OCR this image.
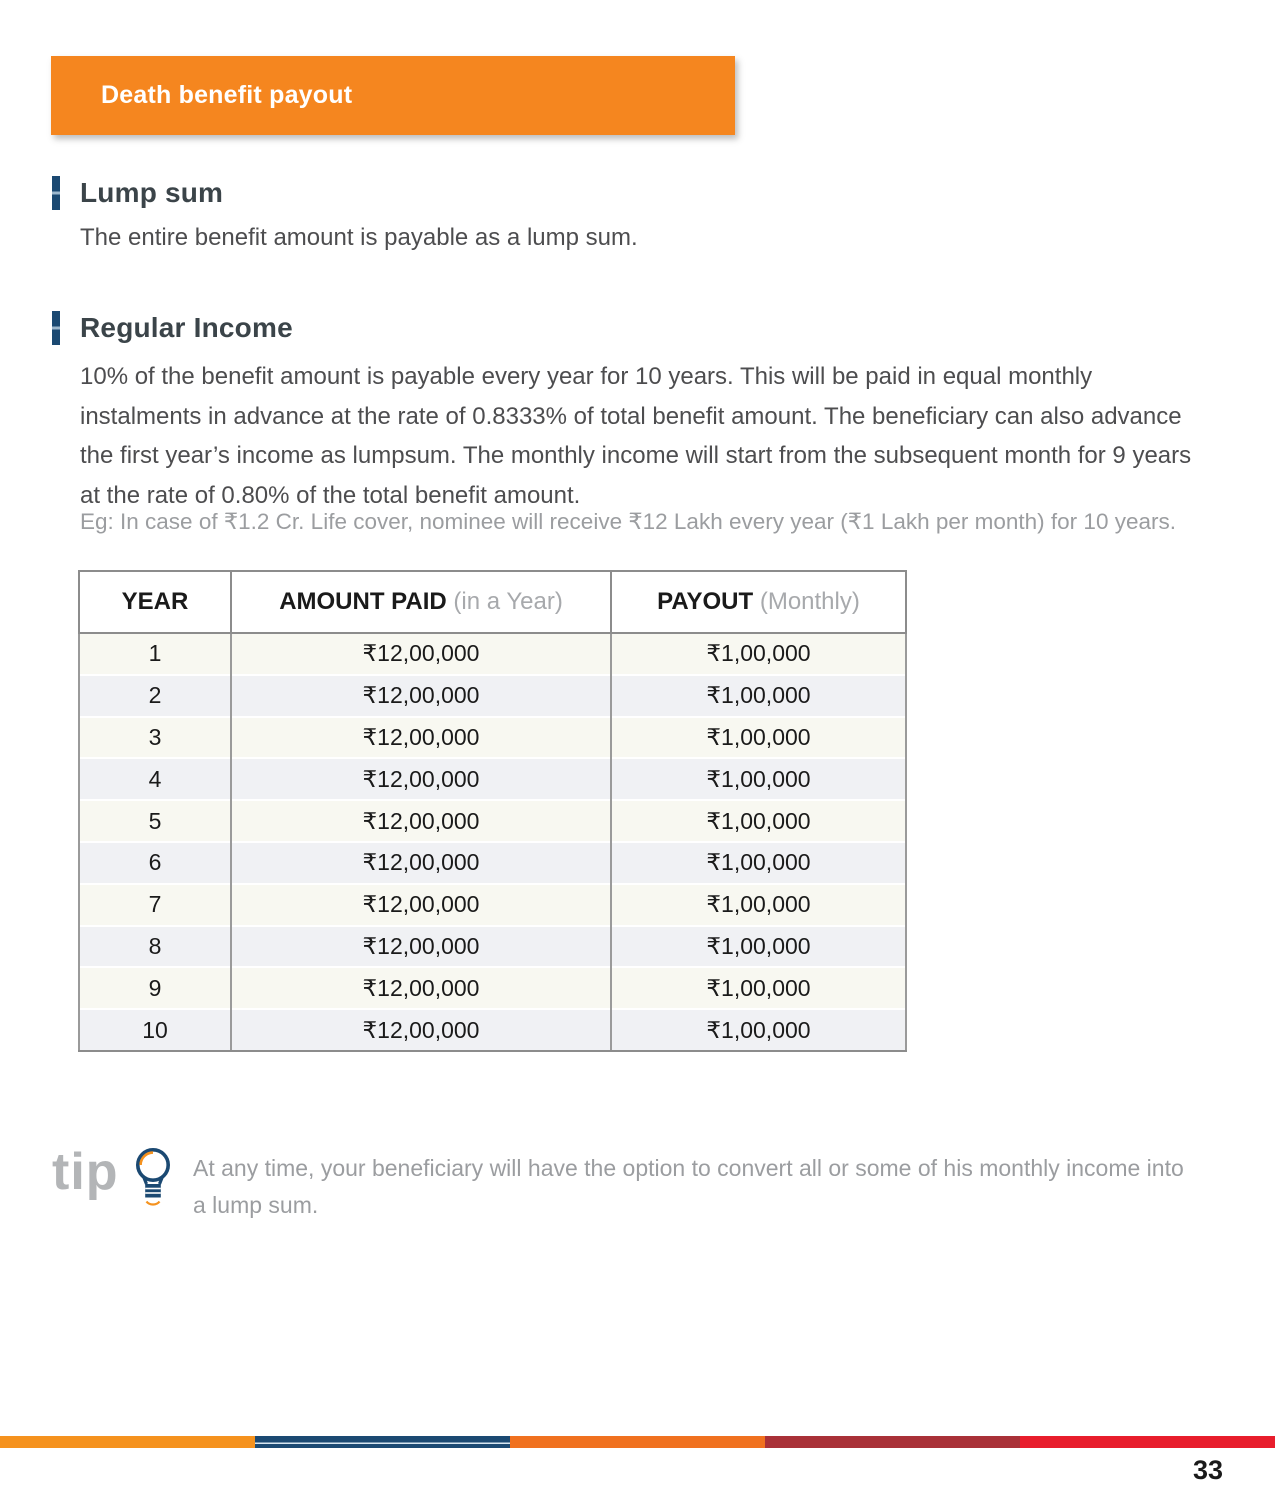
Death benefit payout
Lump sum

The entire benefit amount is payable as a lump sum.

Regular Income

10% of the benefit amount is payable every year for 10 years. This will be paid in equal monthly instalments in advance at the rate of 0.8333% of total benefit amount. The beneficiary can also advance the first year’s income as lumpsum. The monthly income will start from the subsequent month for 9 years at the rate of 0.80% of the total benefit amount.

Eg: In case of ₹1.2 Cr. Life cover, nominee will receive ₹12 Lakh every year (₹1 Lakh per month) for 10 years.

YEAR	AMOUNT PAID (in a Year)	PAYOUT (Monthly)
1	₹12,00,000	₹1,00,000
2	₹12,00,000	₹1,00,000
3	₹12,00,000	₹1,00,000
4	₹12,00,000	₹1,00,000
5	₹12,00,000	₹1,00,000
6	₹12,00,000	₹1,00,000
7	₹12,00,000	₹1,00,000
8	₹12,00,000	₹1,00,000
9	₹12,00,000	₹1,00,000
10	₹12,00,000	₹1,00,000
tip	At any time, your beneficiary will have the option to convert all or some of his monthly income into a lump sum.

33
